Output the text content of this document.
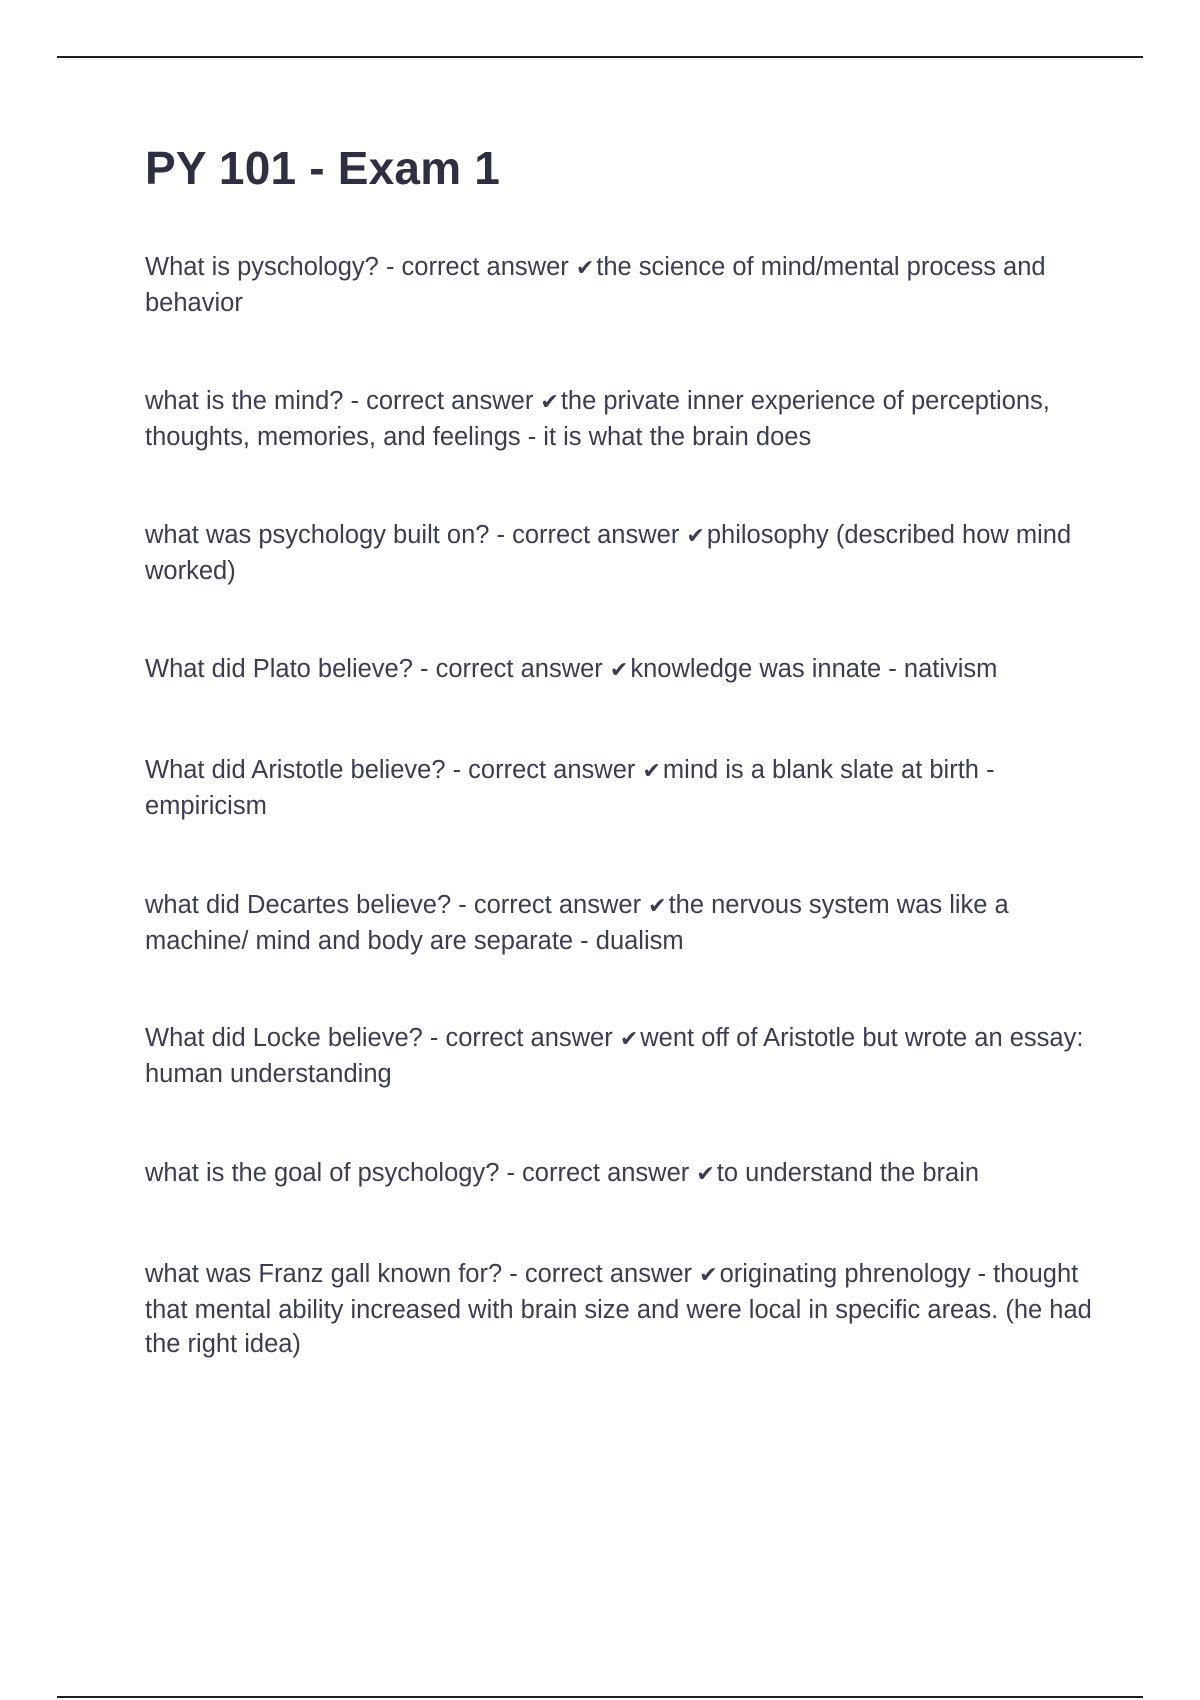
PY 101 - Exam 1

What is pyschology? - correct answer ✔the science of mind/mental process and behavior

what is the mind? - correct answer ✔the private inner experience of perceptions, thoughts, memories, and feelings - it is what the brain does

what was psychology built on? - correct answer ✔philosophy (described how mind worked)

What did Plato believe? - correct answer ✔knowledge was innate - nativism

What did Aristotle believe? - correct answer ✔mind is a blank slate at birth - empiricism

what did Decartes believe? - correct answer ✔the nervous system was like a machine/ mind and body are separate - dualism

What did Locke believe? - correct answer ✔went off of Aristotle but wrote an essay: human understanding

what is the goal of psychology? - correct answer ✔to understand the brain

what was Franz gall known for? - correct answer ✔originating phrenology - thought that mental ability increased with brain size and were local in specific areas. (he had the right idea)
